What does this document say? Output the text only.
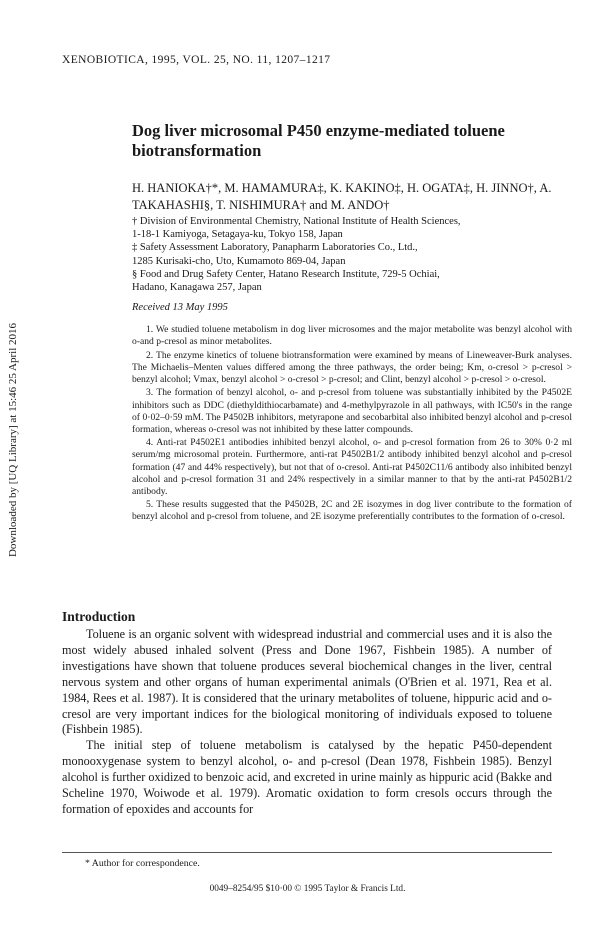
XENOBIOTICA, 1995, VOL. 25, NO. 11, 1207–1217
Downloaded by [UQ Library] at 15:46 25 April 2016
Dog liver microsomal P450 enzyme-mediated toluene biotransformation
H. HANIOKA†*, M. HAMAMURA‡, K. KAKINO‡, H. OGATA‡, H. JINNO†, A. TAKAHASHI§, T. NISHIMURA† and M. ANDO†
† Division of Environmental Chemistry, National Institute of Health Sciences,
1-18-1 Kamiyoga, Setagaya-ku, Tokyo 158, Japan
‡ Safety Assessment Laboratory, Panapharm Laboratories Co., Ltd.,
1285 Kurisaki-cho, Uto, Kumamoto 869-04, Japan
§ Food and Drug Safety Center, Hatano Research Institute, 729-5 Ochiai,
Hadano, Kanagawa 257, Japan
Received 13 May 1995

1. We studied toluene metabolism in dog liver microsomes and the major metabolite was benzyl alcohol with o-and p-cresol as minor metabolites.

2. The enzyme kinetics of toluene biotransformation were examined by means of Lineweaver-Burk analyses. The Michaelis–Menten values differed among the three pathways, the order being; Km, o-cresol > p-cresol > benzyl alcohol; Vmax, benzyl alcohol > o-cresol > p-cresol; and Clint, benzyl alcohol > p-cresol > o-cresol.

3. The formation of benzyl alcohol, o- and p-cresol from toluene was substantially inhibited by the P4502E inhibitors such as DDC (diethyldithiocarbamate) and 4-methylpyrazole in all pathways, with IC50's in the range of 0·02–0·59 mM. The P4502B inhibitors, metyrapone and secobarbital also inhibited benzyl alcohol and p-cresol formation, whereas o-cresol was not inhibited by these latter compounds.

4. Anti-rat P4502E1 antibodies inhibited benzyl alcohol, o- and p-cresol formation from 26 to 30% 0·2 ml serum/mg microsomal protein. Furthermore, anti-rat P4502B1/2 antibody inhibited benzyl alcohol and p-cresol formation (47 and 44% respectively), but not that of o-cresol. Anti-rat P4502C11/6 antibody also inhibited benzyl alcohol and p-cresol formation 31 and 24% respectively in a similar manner to that by the anti-rat P4502B1/2 antibody.

5. These results suggested that the P4502B, 2C and 2E isozymes in dog liver contribute to the formation of benzyl alcohol and p-cresol from toluene, and 2E isozyme preferentially contributes to the formation of o-cresol.

Introduction

Toluene is an organic solvent with widespread industrial and commercial uses and it is also the most widely abused inhaled solvent (Press and Done 1967, Fishbein 1985). A number of investigations have shown that toluene produces several biochemical changes in the liver, central nervous system and other organs of human experimental animals (O'Brien et al. 1971, Rea et al. 1984, Rees et al. 1987). It is considered that the urinary metabolites of toluene, hippuric acid and o-cresol are very important indices for the biological monitoring of individuals exposed to toluene (Fishbein 1985).

The initial step of toluene metabolism is catalysed by the hepatic P450-dependent monooxygenase system to benzyl alcohol, o- and p-cresol (Dean 1978, Fishbein 1985). Benzyl alcohol is further oxidized to benzoic acid, and excreted in urine mainly as hippuric acid (Bakke and Scheline 1970, Woiwode et al. 1979). Aromatic oxidation to form cresols occurs through the formation of epoxides and accounts for

* Author for correspondence.
0049–8254/95 $10·00 © 1995 Taylor & Francis Ltd.
